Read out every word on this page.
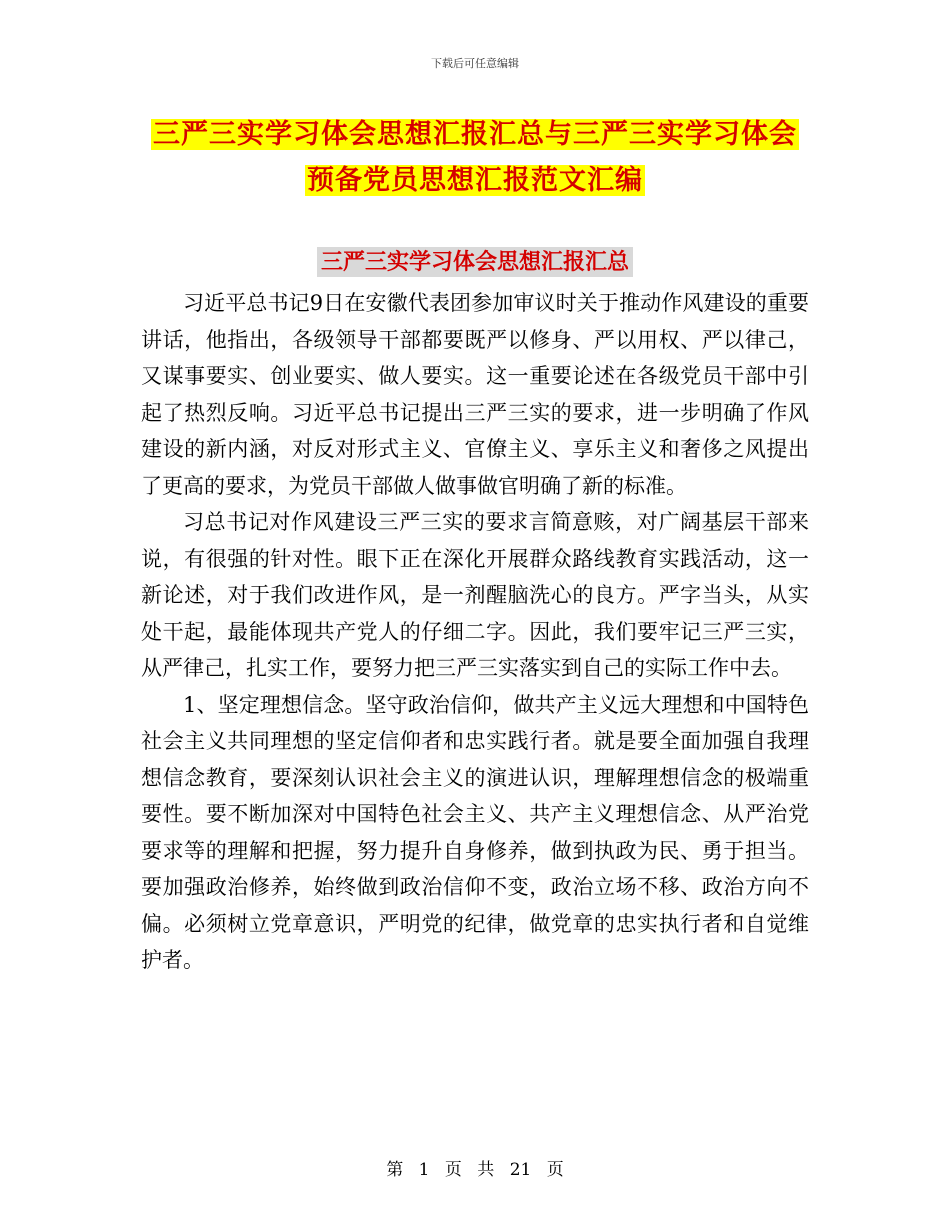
下载后可任意编辑
三严三实学习体会思想汇报汇总与三严三实学习体会
预备党员思想汇报范文汇编
三严三实学习体会思想汇报汇总

习近平总书记9日在安徽代表团参加审议时关于推动作风建设的重要讲话，他指出，各级领导干部都要既严以修身、严以用权、严以律己，又谋事要实、创业要实、做人要实。这一重要论述在各级党员干部中引起了热烈反响。习近平总书记提出三严三实的要求，进一步明确了作风建设的新内涵，对反对形式主义、官僚主义、享乐主义和奢侈之风提出了更高的要求，为党员干部做人做事做官明确了新的标准。

习总书记对作风建设三严三实的要求言简意赅，对广阔基层干部来说，有很强的针对性。眼下正在深化开展群众路线教育实践活动，这一新论述，对于我们改进作风，是一剂醒脑洗心的良方。严字当头，从实处干起，最能体现共产党人的仔细二字。因此，我们要牢记三严三实，从严律己，扎实工作，要努力把三严三实落实到自己的实际工作中去。

1、坚定理想信念。坚守政治信仰，做共产主义远大理想和中国特色社会主义共同理想的坚定信仰者和忠实践行者。就是要全面加强自我理想信念教育，要深刻认识社会主义的演进认识，理解理想信念的极端重要性。要不断加深对中国特色社会主义、共产主义理想信念、从严治党要求等的理解和把握，努力提升自身修养，做到执政为民、勇于担当。要加强政治修养，始终做到政治信仰不变，政治立场不移、政治方向不偏。必须树立党章意识，严明党的纪律，做党章的忠实执行者和自觉维护者。

第 1 页 共 21 页
